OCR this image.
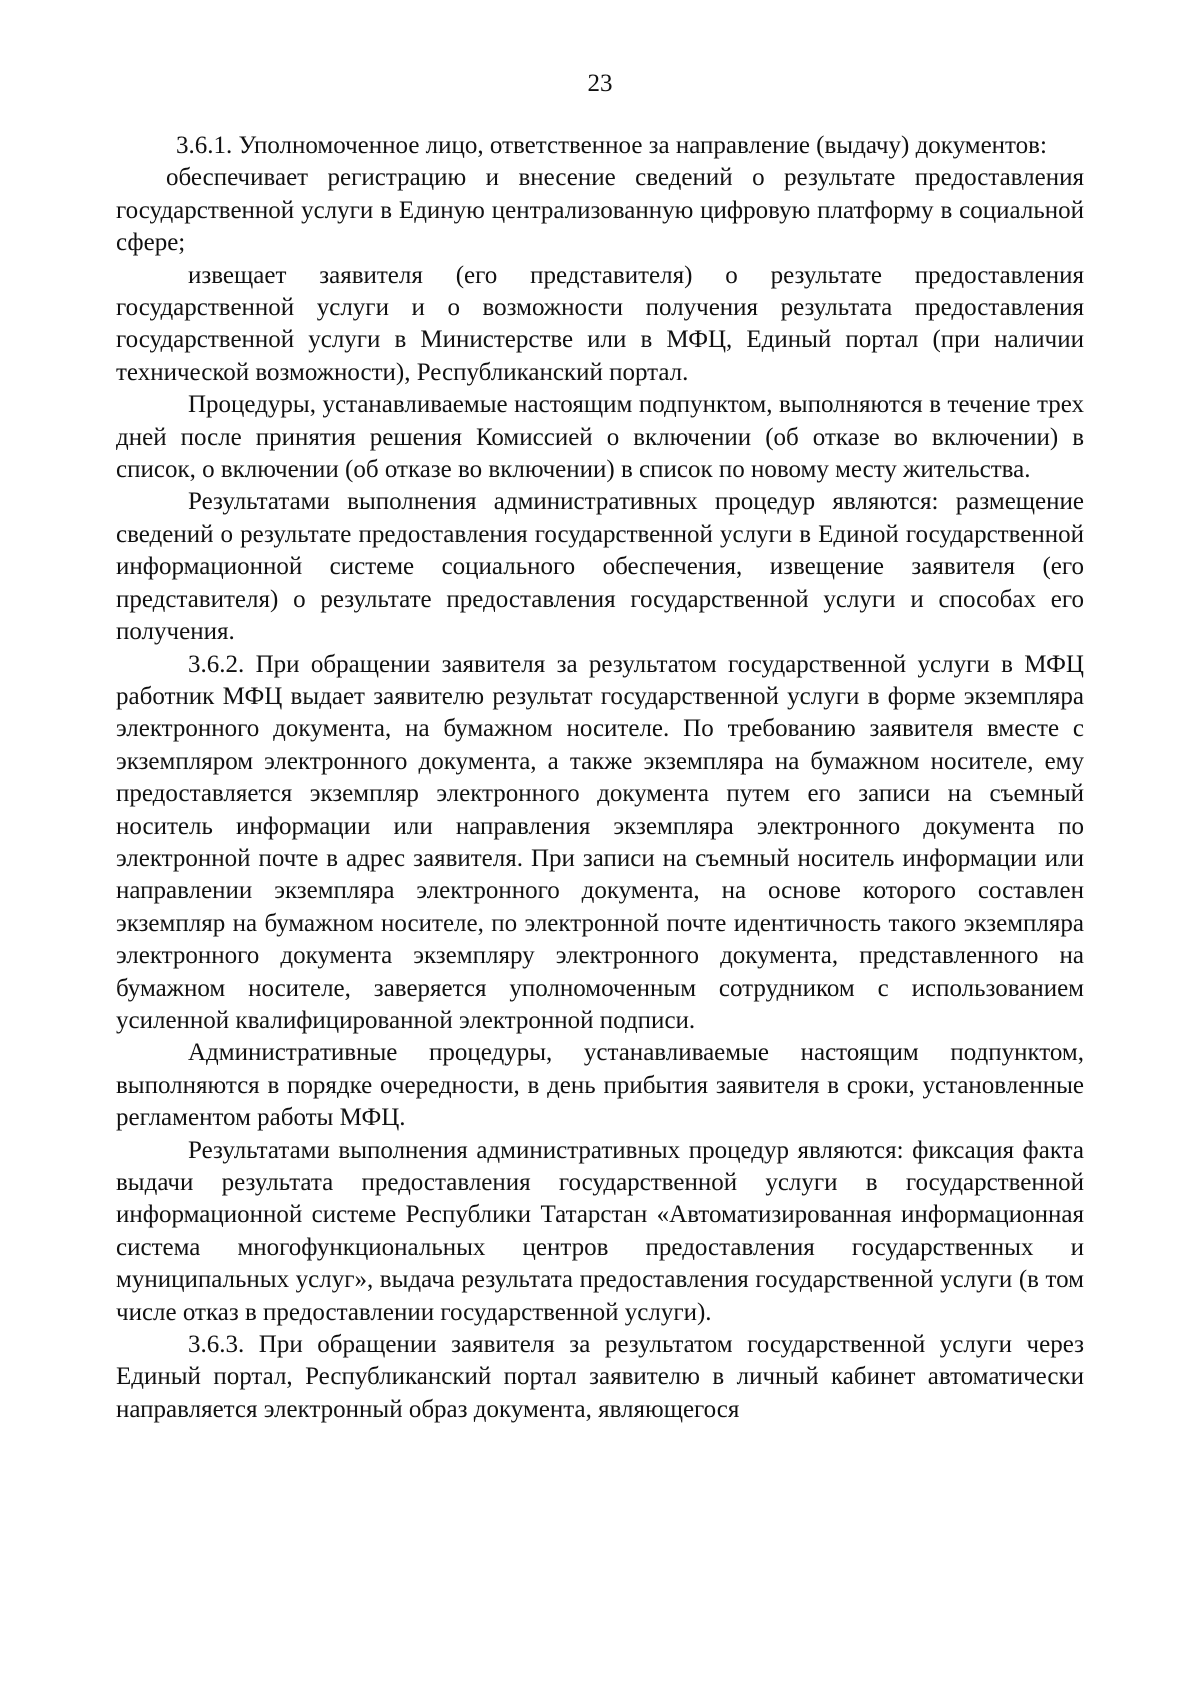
23

3.6.1. Уполномоченное лицо, ответственное за направление (выдачу) документов:

обеспечивает регистрацию и внесение сведений о результате предоставления государственной услуги в Единую централизованную цифровую платформу в социальной сфере;

извещает заявителя (его представителя) о результате предоставления государственной услуги и о возможности получения результата предоставления государственной услуги в Министерстве или в МФЦ, Единый портал (при наличии технической возможности), Республиканский портал.

Процедуры, устанавливаемые настоящим подпунктом, выполняются в течение трех дней после принятия решения Комиссией о включении (об отказе во включении) в список, о включении (об отказе во включении) в список по новому месту жительства.

Результатами выполнения административных процедур являются: размещение сведений о результате предоставления государственной услуги в Единой государственной информационной системе социального обеспечения, извещение заявителя (его представителя) о результате предоставления государственной услуги и способах его получения.

3.6.2. При обращении заявителя за результатом государственной услуги в МФЦ работник МФЦ выдает заявителю результат государственной услуги в форме экземпляра электронного документа, на бумажном носителе. По требованию заявителя вместе с экземпляром электронного документа, а также экземпляра на бумажном носителе, ему предоставляется экземпляр электронного документа путем его записи на съемный носитель информации или направления экземпляра электронного документа по электронной почте в адрес заявителя. При записи на съемный носитель информации или направлении экземпляра электронного документа, на основе которого составлен экземпляр на бумажном носителе, по электронной почте идентичность такого экземпляра электронного документа экземпляру электронного документа, представленного на бумажном носителе, заверяется уполномоченным сотрудником с использованием усиленной квалифицированной электронной подписи.

Административные процедуры, устанавливаемые настоящим подпунктом, выполняются в порядке очередности, в день прибытия заявителя в сроки, установленные регламентом работы МФЦ.

Результатами выполнения административных процедур являются: фиксация факта выдачи результата предоставления государственной услуги в государственной информационной системе Республики Татарстан «Автоматизированная информационная система многофункциональных центров предоставления государственных и муниципальных услуг», выдача результата предоставления государственной услуги (в том числе отказ в предоставлении государственной услуги).

3.6.3. При обращении заявителя за результатом государственной услуги через Единый портал, Республиканский портал заявителю в личный кабинет автоматически направляется электронный образ документа, являющегося
